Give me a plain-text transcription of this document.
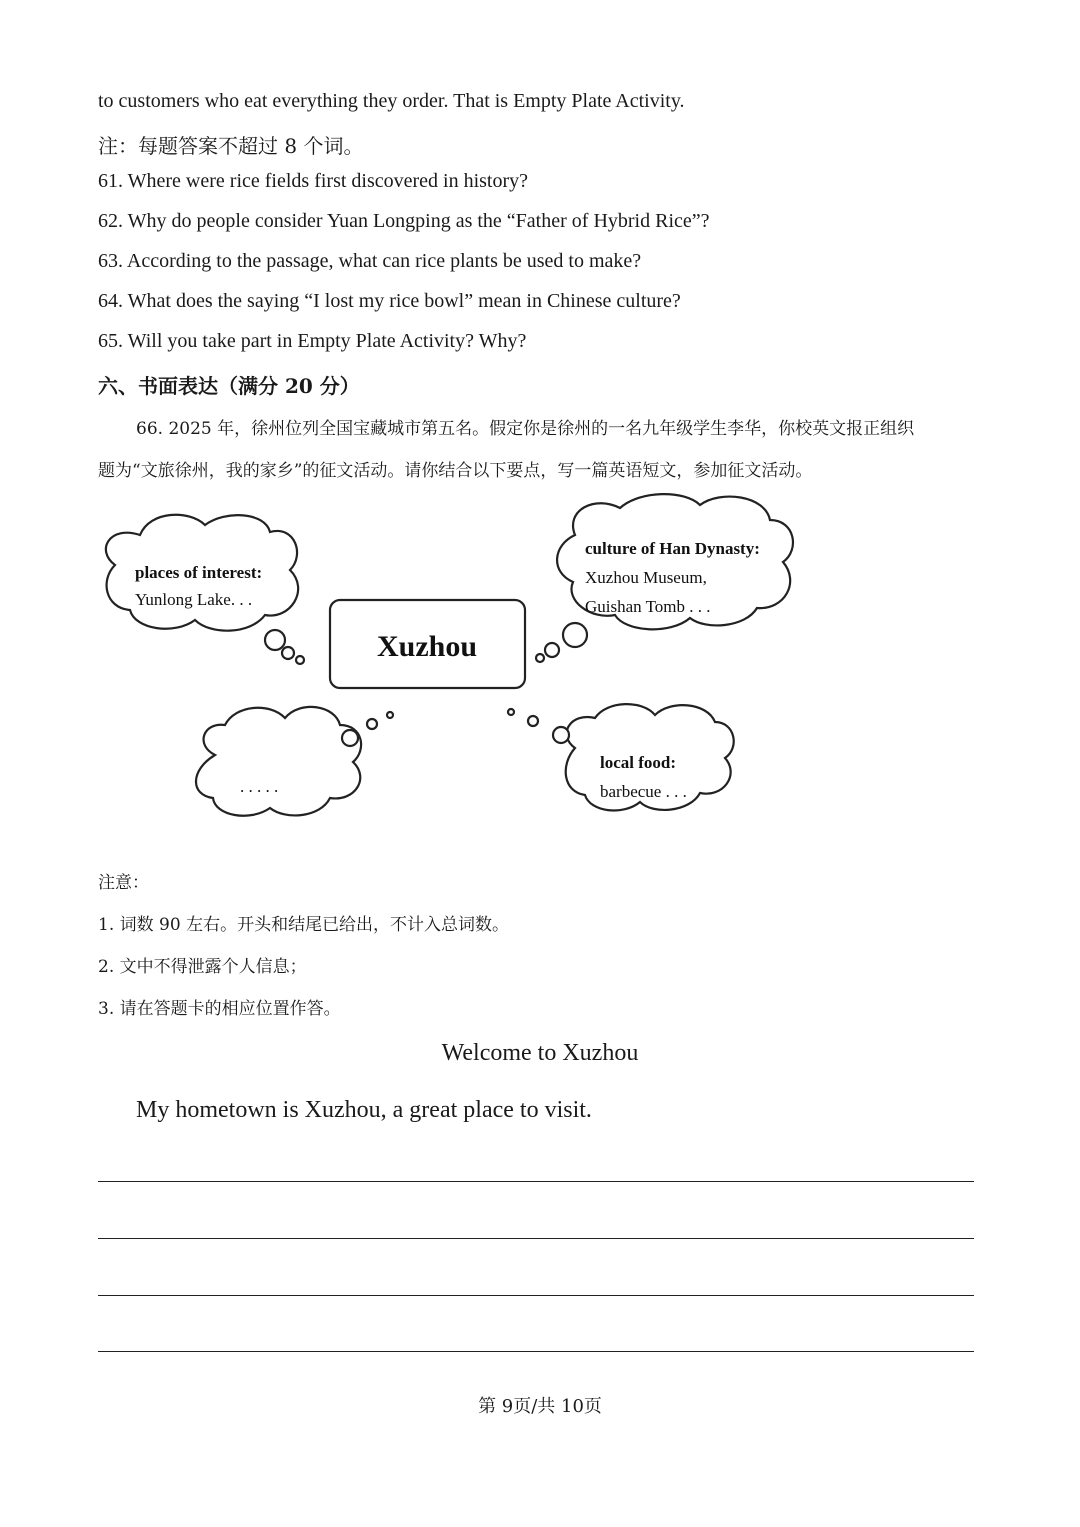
to customers who eat everything they order. That is Empty Plate Activity.
注：每题答案不超过 8 个词。
61. Where were rice fields first discovered in history?
62. Why do people consider Yuan Longping as the “Father of Hybrid Rice”?
63. According to the passage, what can rice plants be used to make?
64. What does the saying “I lost my rice bowl” mean in Chinese culture?
65. Will you take part in Empty Plate Activity? Why?
六、书面表达（满分 20 分）
66. 2025 年，徐州位列全国宝藏城市第五名。假定你是徐州的一名九年级学生李华，你校英文报正组织
题为“文旅徐州，我的家乡”的征文活动。请你结合以下要点，写一篇英语短文，参加征文活动。
Xuzhou
places of interest:
Yunlong Lake. . .
culture of Han Dynasty:
Xuzhou Museum,
Guishan Tomb . . .
local food:
barbecue . . .
. . . . .
注意：
1. 词数 90 左右。开头和结尾已给出，不计入总词数。
2. 文中不得泄露个人信息；
3. 请在答题卡的相应位置作答。
Welcome to Xuzhou
My hometown is Xuzhou, a great place to visit.
第 9页/共 10页
